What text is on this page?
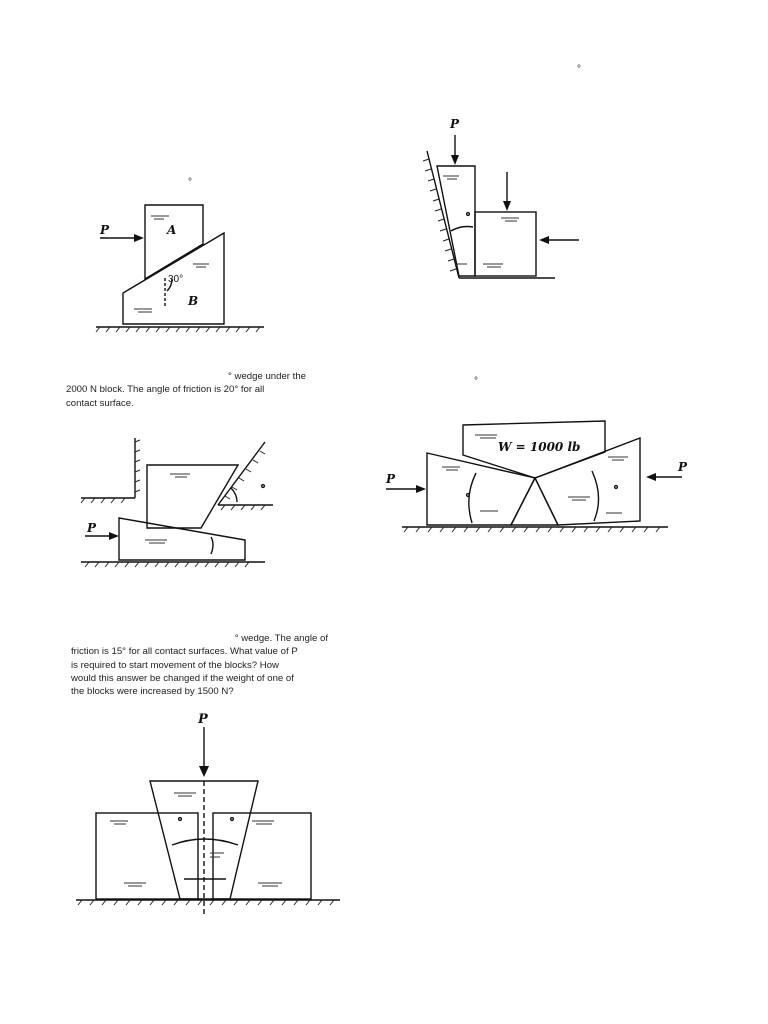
°
°
°
30°
P	A
B
P
° wedge under the
2000 N block. The angle of friction is 20° for all
contact surface.
P
W = 1000 lb
P
P
° wedge. The angle of
friction is 15° for all contact surfaces. What value of P
is required to start movement of the blocks? How
would this answer be changed if the weight of one of
the blocks were increased by 1500 N?
P
